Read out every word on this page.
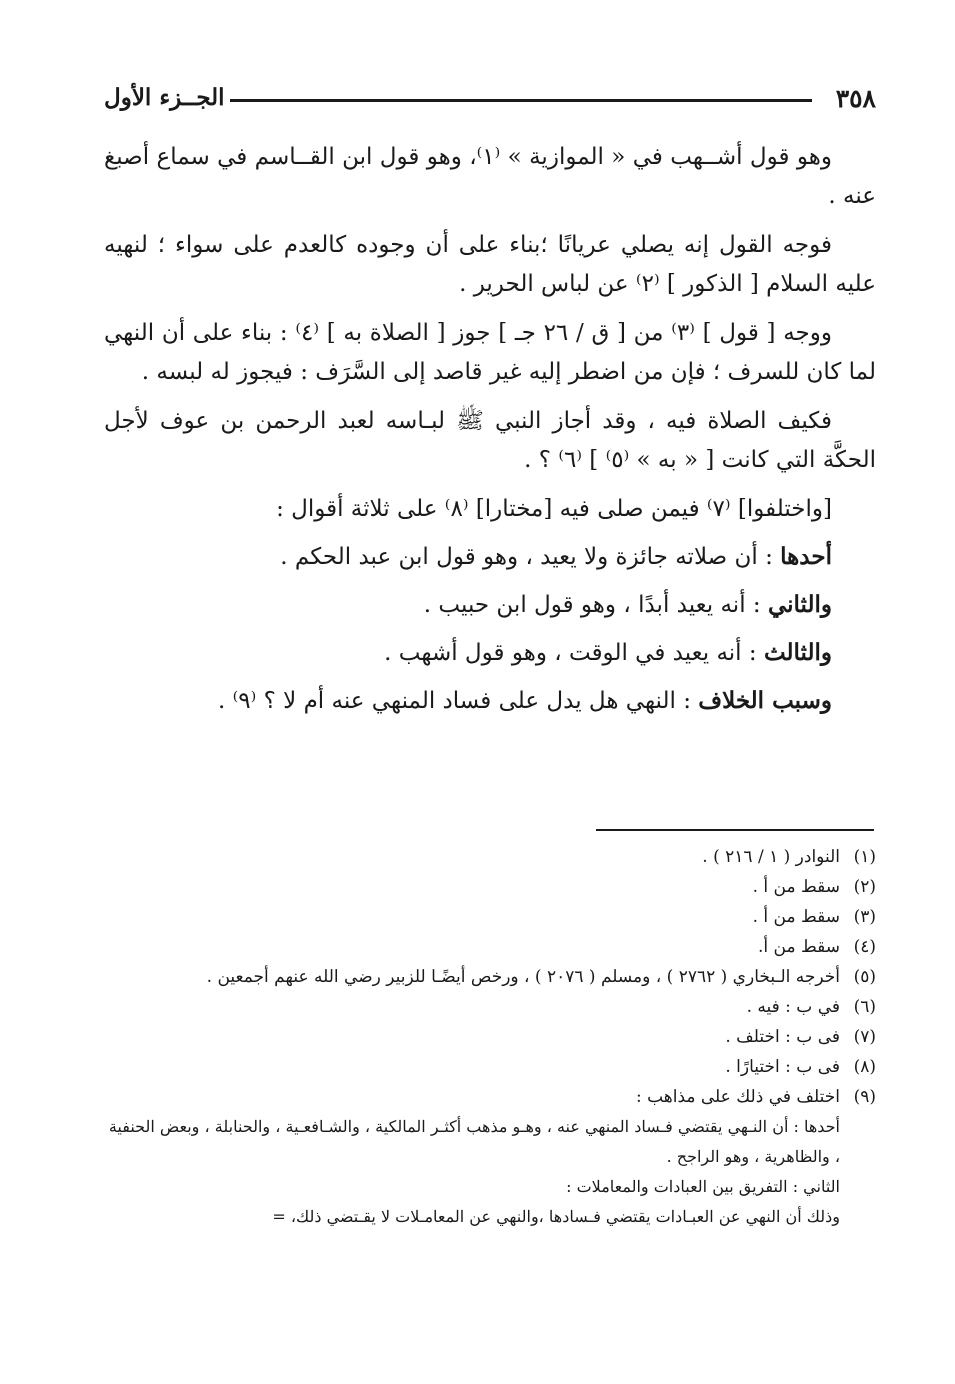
٣٥٨
الجــزء الأول

وهو قول أشــهب في « الموازية » ⁽١⁾، وهو قول ابن القــاسم في سماع أصبغ عنه .

فوجه القول إنه يصلي عريانًا ؛بناء على أن وجوده كالعدم على سواء ؛ لنهيه عليه السلام [ الذكور ] ⁽٢⁾ عن لباس الحرير .

ووجه [ قول ] ⁽٣⁾ من [ ق / ٢٦ جـ ] جوز [ الصلاة به ] ⁽٤⁾ : بناء على أن النهي لما كان للسرف ؛ فإن من اضطر إليه غير قاصد إلى السَّرَف : فيجوز له لبسه .

فكيف الصلاة فيه ، وقد أجاز النبي ﷺ لبـاسه لعبد الرحمن بن عوف لأجل الحكَّة التي كانت [ « به » ⁽٥⁾ ] ⁽٦⁾ ؟ .

[واختلفوا] ⁽٧⁾ فيمن صلى فيه [مختارا] ⁽٨⁾ على ثلاثة أقوال :

أحدها : أن صلاته جائزة ولا يعيد ، وهو قول ابن عبد الحكم .

والثاني : أنه يعيد أبدًا ، وهو قول ابن حبيب .

والثالث : أنه يعيد في الوقت ، وهو قول أشهب .

وسبب الخلاف : النهي هل يدل على فساد المنهي عنه أم لا ؟ ⁽٩⁾ .

(١)
النوادر ( ١ / ٢١٦ ) .
(٢)
سقط من أ .
(٣)
سقط من أ .
(٤)
سقط من أ.
(٥)
أخرجه الـبخاري ( ٢٧٦٢ ) ، ومسلم ( ٢٠٧٦ ) ، ورخص أيضًـا للزبير رضي الله عنهم أجمعين .
(٦)
في ب : فيه .
(٧)
فى ب : اختلف .
(٨)
فى ب : اختيارًا .
(٩)
اختلف في ذلك على مذاهب :
أحدها : أن النـهي يقتضي فـساد المنهي عنه ، وهـو مذهب أكثـر المالكية ، والشـافعـية ، والحنابلة ، وبعض الحنفية ، والظاهرية ، وهو الراجح .
الثاني : التفريق بين العبادات والمعاملات :
وذلك أن النهي عن العبـادات يقتضي فـسادها ،والنهي عن المعامـلات لا يقـتضي ذلك، =
